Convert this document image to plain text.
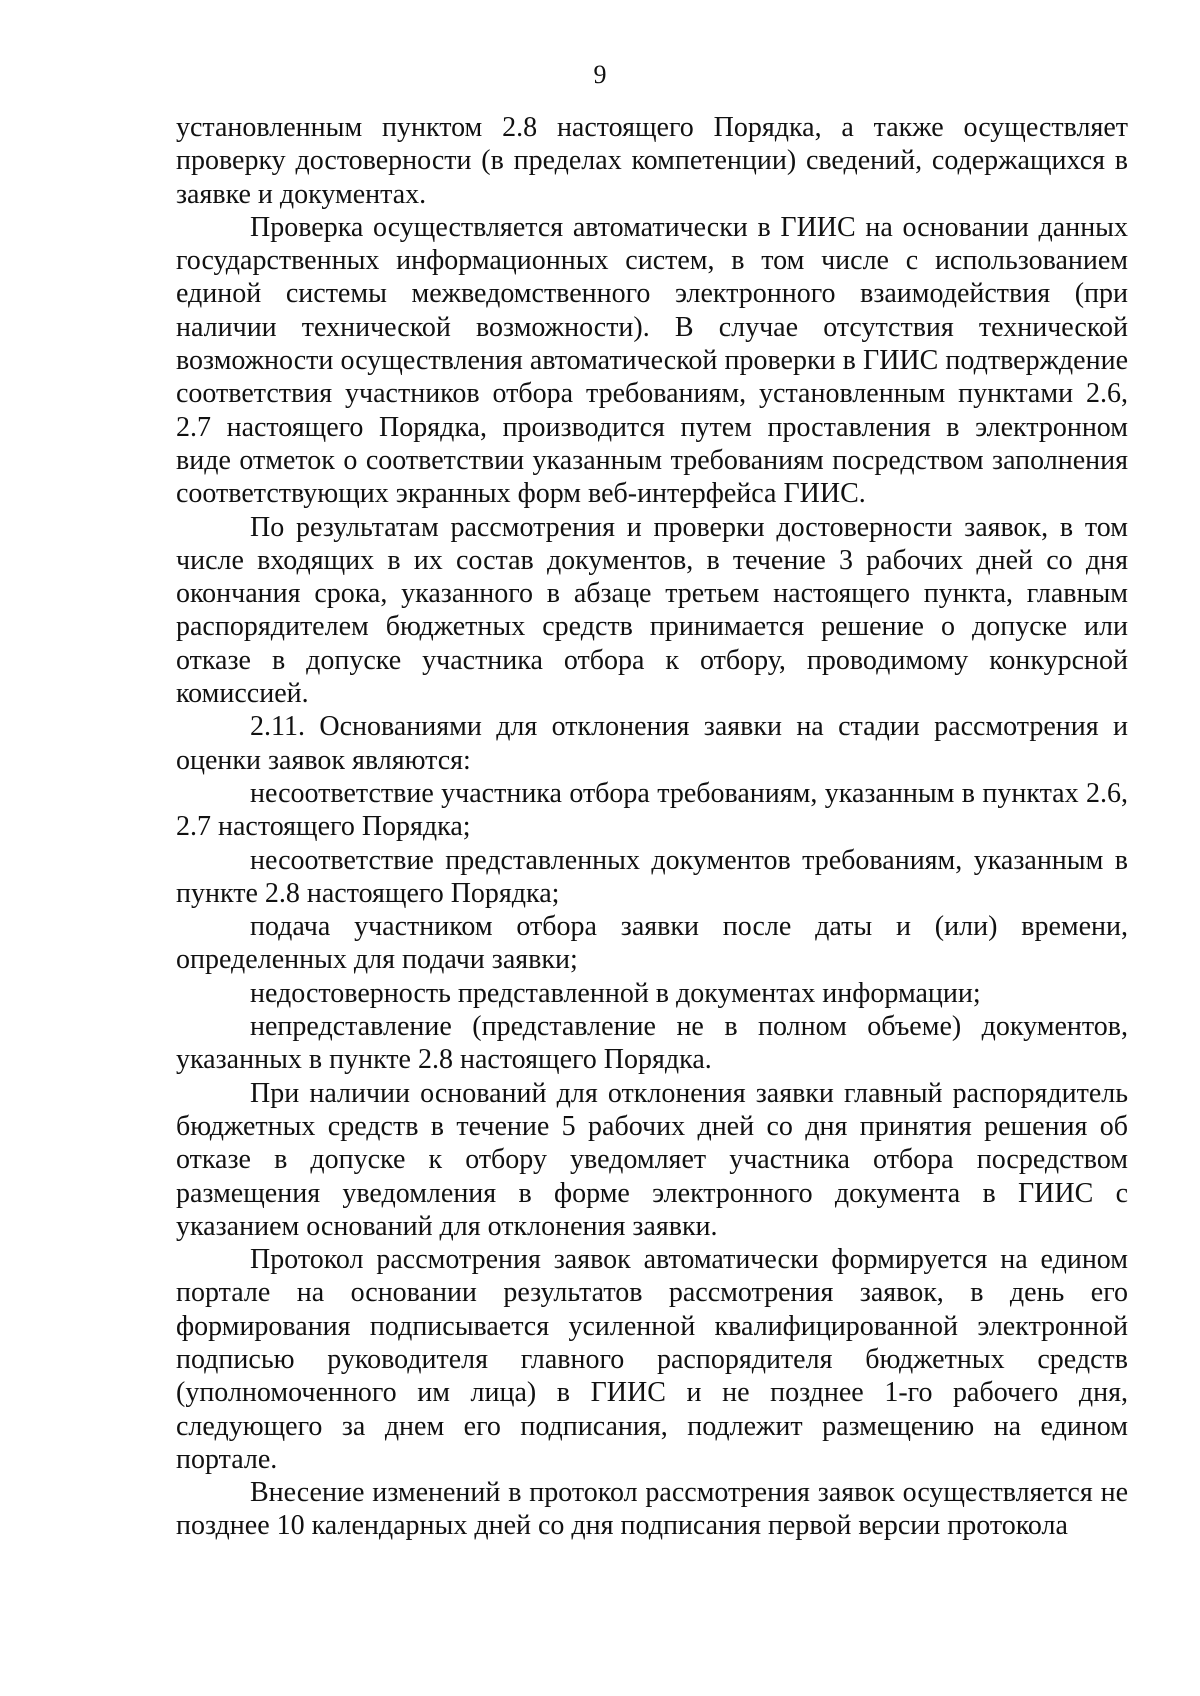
9

установленным пунктом 2.8 настоящего Порядка, а также осуществляет проверку достоверности (в пределах компетенции) сведений, содержащихся в заявке и документах.

Проверка осуществляется автоматически в ГИИС на основании данных государственных информационных систем, в том числе с использованием единой системы межведомственного электронного взаимодействия (при наличии технической возможности). В случае отсутствия технической возможности осуществления автоматической проверки в ГИИС подтверждение соответствия участников отбора требованиям, установленным пунктами 2.6, 2.7 настоящего Порядка, производится путем проставления в электронном виде отметок о соответствии указанным требованиям посредством заполнения соответствующих экранных форм веб-интерфейса ГИИС.

По результатам рассмотрения и проверки достоверности заявок, в том числе входящих в их состав документов, в течение 3 рабочих дней со дня окончания срока, указанного в абзаце третьем настоящего пункта, главным распорядителем бюджетных средств принимается решение о допуске или отказе в допуске участника отбора к отбору, проводимому конкурсной комиссией.

2.11. Основаниями для отклонения заявки на стадии рассмотрения и оценки заявок являются:

несоответствие участника отбора требованиям, указанным в пунктах 2.6, 2.7 настоящего Порядка;

несоответствие представленных документов требованиям, указанным в пункте 2.8 настоящего Порядка;

подача участником отбора заявки после даты и (или) времени, определенных для подачи заявки;

недостоверность представленной в документах информации;

непредставление (представление не в полном объеме) документов, указанных в пункте 2.8 настоящего Порядка.

При наличии оснований для отклонения заявки главный распорядитель бюджетных средств в течение 5 рабочих дней со дня принятия решения об отказе в допуске к отбору уведомляет участника отбора посредством размещения уведомления в форме электронного документа в ГИИС с указанием оснований для отклонения заявки.

Протокол рассмотрения заявок автоматически формируется на едином портале на основании результатов рассмотрения заявок, в день его формирования подписывается усиленной квалифицированной электронной подписью руководителя главного распорядителя бюджетных средств (уполномоченного им лица) в ГИИС и не позднее 1-го рабочего дня, следующего за днем его подписания, подлежит размещению на едином портале.

Внесение изменений в протокол рассмотрения заявок осуществляется не позднее 10 календарных дней со дня подписания первой версии протокола
